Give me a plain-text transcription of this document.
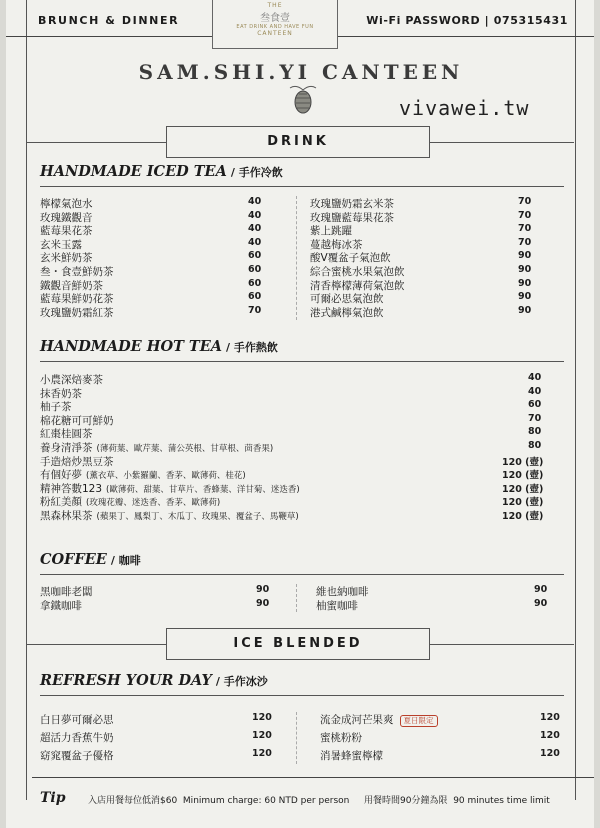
BRUNCH & DINNER	Wi-Fi PASSWORD | 075315431
THE
叁食壹
EAT DRINK AND HAVE FUN
CANTEEN
SAM.SHI.YI CANTEEN
vivawei.tw
DRINK
HANDMADE ICED TEA / 手作冷飲
檸檬氣泡水	40
玫瑰鐵觀音	40
藍莓果花茶	40
玄米玉露	40
玄米鮮奶茶	60
叁・食壹鮮奶茶	60
鐵觀音鮮奶茶	60
藍莓果鮮奶花茶	60
玫瑰鹽奶霜紅茶	70
玫瑰鹽奶霜玄米茶	70
玫瑰鹽藍莓果花茶	70
紫上跳躍	70
蔓越梅冰茶	70
酸V覆盆子氣泡飲	90
綜合蜜桃水果氣泡飲	90
清香檸檬薄荷氣泡飲	90
可爾必思氣泡飲	90
港式鹹檸氣泡飲	90
HANDMADE HOT TEA / 手作熱飲
小農深焙麥茶	40
抹香奶茶	40
柚子茶	60
棉花糖可可鮮奶	70
紅棗桂圓茶	80
養身清淨茶 (薄荷葉、歐芹葉、蒲公英根、甘草根、茴香果)	80
手造焙炒黑豆茶	120 (壺)
有個好夢 (薰衣草、小紫羅蘭、香茅、歐薄荷、桂花)	120 (壺)
精神答數123 (歐薄荷、甜葉、甘草片、香蜂葉、洋甘菊、迷迭香)	120 (壺)
粉紅美顏 (玫瑰花瓣、迷迭香、香茅、歐薄荷)	120 (壺)
黑森林果茶 (蘋果丁、鳳梨丁、木瓜丁、玫瑰果、覆盆子、馬鞭草)	120 (壺)
COFFEE / 咖啡
黑咖啡老闆	90
拿鐵咖啡	90
維也納咖啡	90
柚蜜咖啡	90
ICE BLENDED
REFRESH YOUR DAY / 手作冰沙
白日夢可爾必思	120
超活力香蕉牛奶	120
窈窕覆盆子優格	120
流金成河芒果爽 夏日限定	120
蜜桃粉粉	120
消暑蜂蜜檸檬	120
Tip 入店用餐每位低消$60 Minimum charge: 60 NTD per person 用餐時間90分鐘為限 90 minutes time limit
